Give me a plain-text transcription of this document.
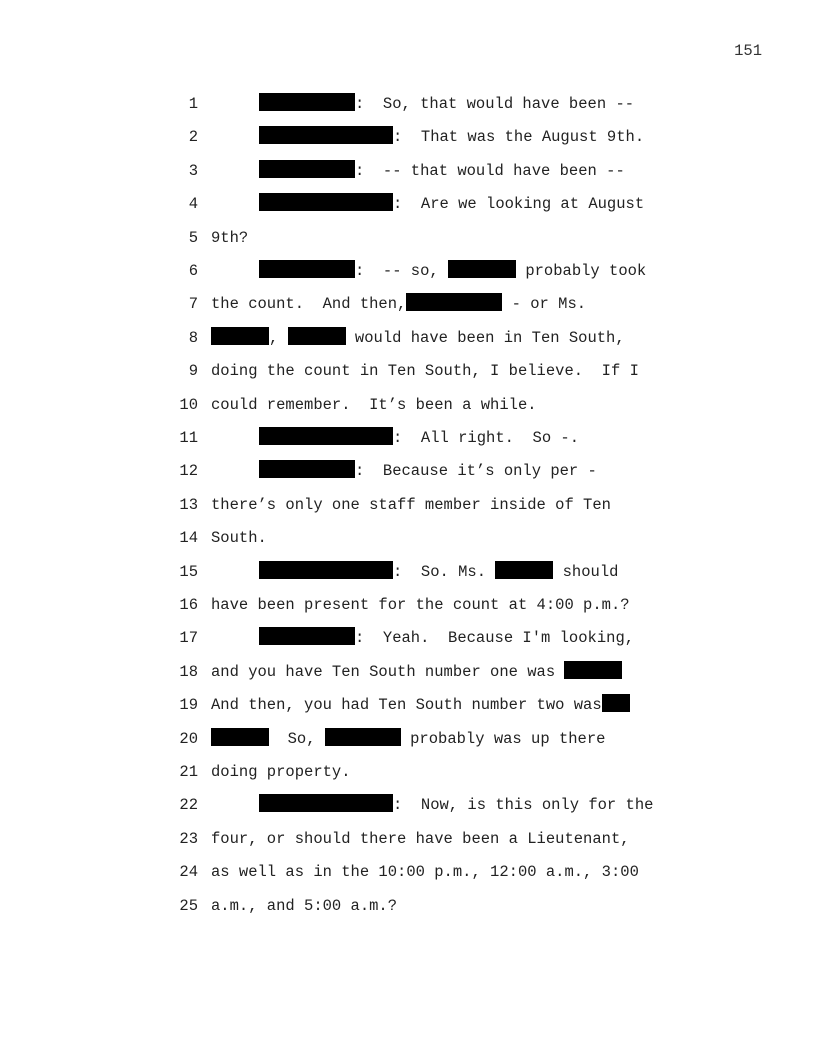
151
1	:  So, that would have been --
2	:  That was the August 9th.
3	:  -- that would have been --
4	:  Are we looking at August
5 9th?
6	:  -- so,	probably took
7 the count.  And then,	- or Ms.
8	,	would have been in Ten South,
9 doing the count in Ten South, I believe.  If I
10 could remember.  It’s been a while.
11	:  All right.  So -.
12	:  Because it’s only per -
13 there’s only one staff member inside of Ten
14 South.
15	:  So. Ms.	should
16 have been present for the count at 4:00 p.m.?
17	:  Yeah.  Because I'm looking,
18 and you have Ten South number one was
19 And then, you had Ten South number two was
20	So,	probably was up there
21 doing property.
22	:  Now, is this only for the
23 four, or should there have been a Lieutenant,
24 as well as in the 10:00 p.m., 12:00 a.m., 3:00
25 a.m., and 5:00 a.m.?
